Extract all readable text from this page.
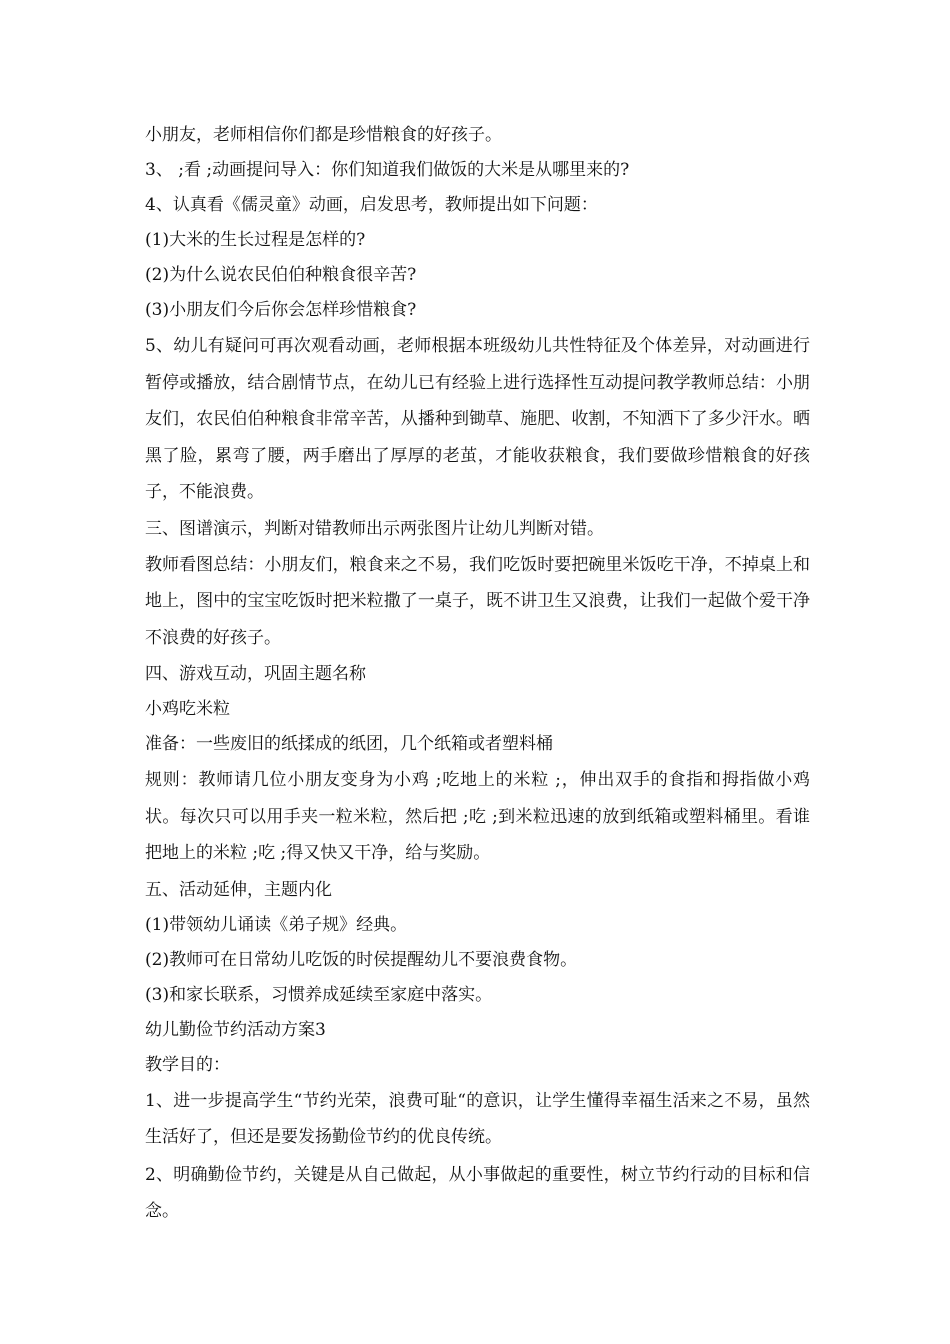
小朋友，老师相信你们都是珍惜粮食的好孩子。

3、 ;看 ;动画提问导入：你们知道我们做饭的大米是从哪里来的?

4、认真看《儒灵童》动画，启发思考，教师提出如下问题：

(1)大米的生长过程是怎样的?

(2)为什么说农民伯伯种粮食很辛苦?

(3)小朋友们今后你会怎样珍惜粮食?

5、幼儿有疑问可再次观看动画，老师根据本班级幼儿共性特征及个体差异，对动画进行暂停或播放，结合剧情节点，在幼儿已有经验上进行选择性互动提问教学教师总结：小朋友们，农民伯伯种粮食非常辛苦，从播种到锄草、施肥、收割，不知洒下了多少汗水。晒黑了脸，累弯了腰，两手磨出了厚厚的老茧，才能收获粮食，我们要做珍惜粮食的好孩子，不能浪费。

三、图谱演示，判断对错教师出示两张图片让幼儿判断对错。

教师看图总结：小朋友们，粮食来之不易，我们吃饭时要把碗里米饭吃干净，不掉桌上和地上，图中的宝宝吃饭时把米粒撒了一桌子，既不讲卫生又浪费，让我们一起做个爱干净不浪费的好孩子。

四、游戏互动，巩固主题名称

小鸡吃米粒

准备：一些废旧的纸揉成的纸团，几个纸箱或者塑料桶

规则：教师请几位小朋友变身为小鸡 ;吃地上的米粒 ;，伸出双手的食指和拇指做小鸡状。每次只可以用手夹一粒米粒，然后把 ;吃 ;到米粒迅速的放到纸箱或塑料桶里。看谁把地上的米粒 ;吃 ;得又快又干净，给与奖励。

五、活动延伸，主题内化

(1)带领幼儿诵读《弟子规》经典。

(2)教师可在日常幼儿吃饭的时侯提醒幼儿不要浪费食物。

(3)和家长联系，习惯养成延续至家庭中落实。

幼儿勤俭节约活动方案3

教学目的：

1、进一步提高学生“节约光荣，浪费可耻“的意识，让学生懂得幸福生活来之不易，虽然生活好了，但还是要发扬勤俭节约的优良传统。

2、明确勤俭节约，关键是从自己做起，从小事做起的重要性，树立节约行动的目标和信念。
